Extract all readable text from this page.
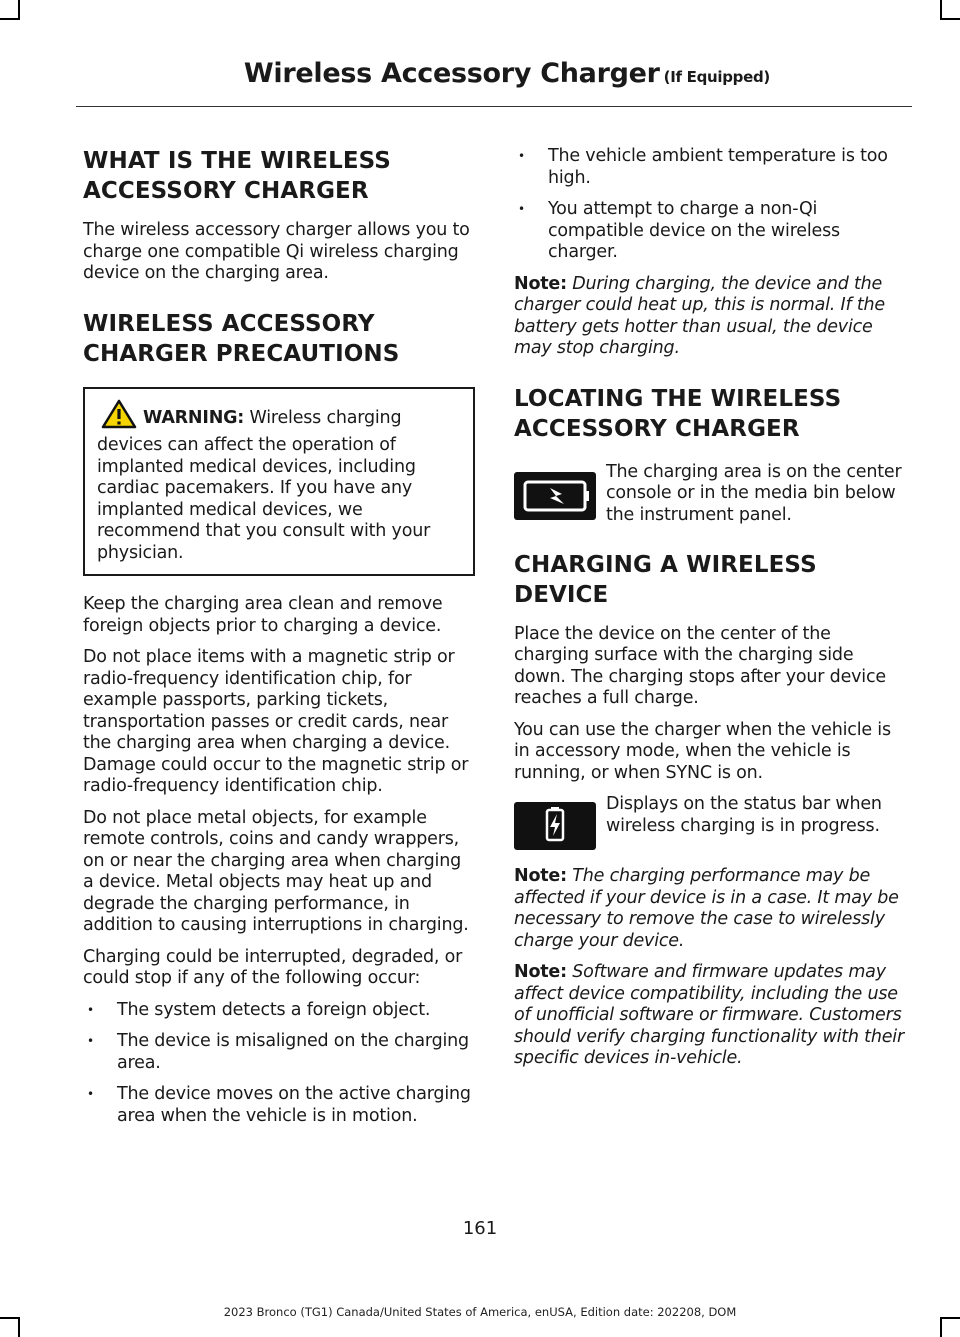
Wireless Accessory Charger (If Equipped)
WHAT IS THE WIRELESS
ACCESSORY CHARGER

The wireless accessory charger allows you to charge one compatible Qi wireless charging device on the charging area.

WIRELESS ACCESSORY
CHARGER PRECAUTIONS
WARNING: Wireless charging devices can affect the operation of implanted medical devices, including cardiac pacemakers. If you have any implanted medical devices, we recommend that you consult with your physician.

Keep the charging area clean and remove foreign objects prior to charging a device.

Do not place items with a magnetic strip or radio-frequency identification chip, for example passports, parking tickets, transportation passes or credit cards, near the charging area when charging a device. Damage could occur to the magnetic strip or radio-frequency identification chip.

Do not place metal objects, for example remote controls, coins and candy wrappers, on or near the charging area when charging a device. Metal objects may heat up and degrade the charging performance, in addition to causing interruptions in charging.

Charging could be interrupted, degraded, or could stop if any of the following occur:

• The system detects a foreign object.
• The device is misaligned on the charging area.
• The device moves on the active charging area when the vehicle is in motion.
• The vehicle ambient temperature is too high.
• You attempt to charge a non-Qi compatible device on the wireless charger.

Note: During charging, the device and the charger could heat up, this is normal. If the battery gets hotter than usual, the device may stop charging.

LOCATING THE WIRELESS
ACCESSORY CHARGER

The charging area is on the center console or in the media bin below the instrument panel.

CHARGING A WIRELESS
DEVICE

Place the device on the center of the charging surface with the charging side down. The charging stops after your device reaches a full charge.

You can use the charger when the vehicle is in accessory mode, when the vehicle is running, or when SYNC is on.

Displays on the status bar when wireless charging is in progress.

Note: The charging performance may be affected if your device is in a case. It may be necessary to remove the case to wirelessly charge your device.

Note: Software and firmware updates may affect device compatibility, including the use of unofficial software or firmware. Customers should verify charging functionality with their specific devices in-vehicle.

161
2023 Bronco (TG1) Canada/United States of America, enUSA, Edition date: 202208, DOM
